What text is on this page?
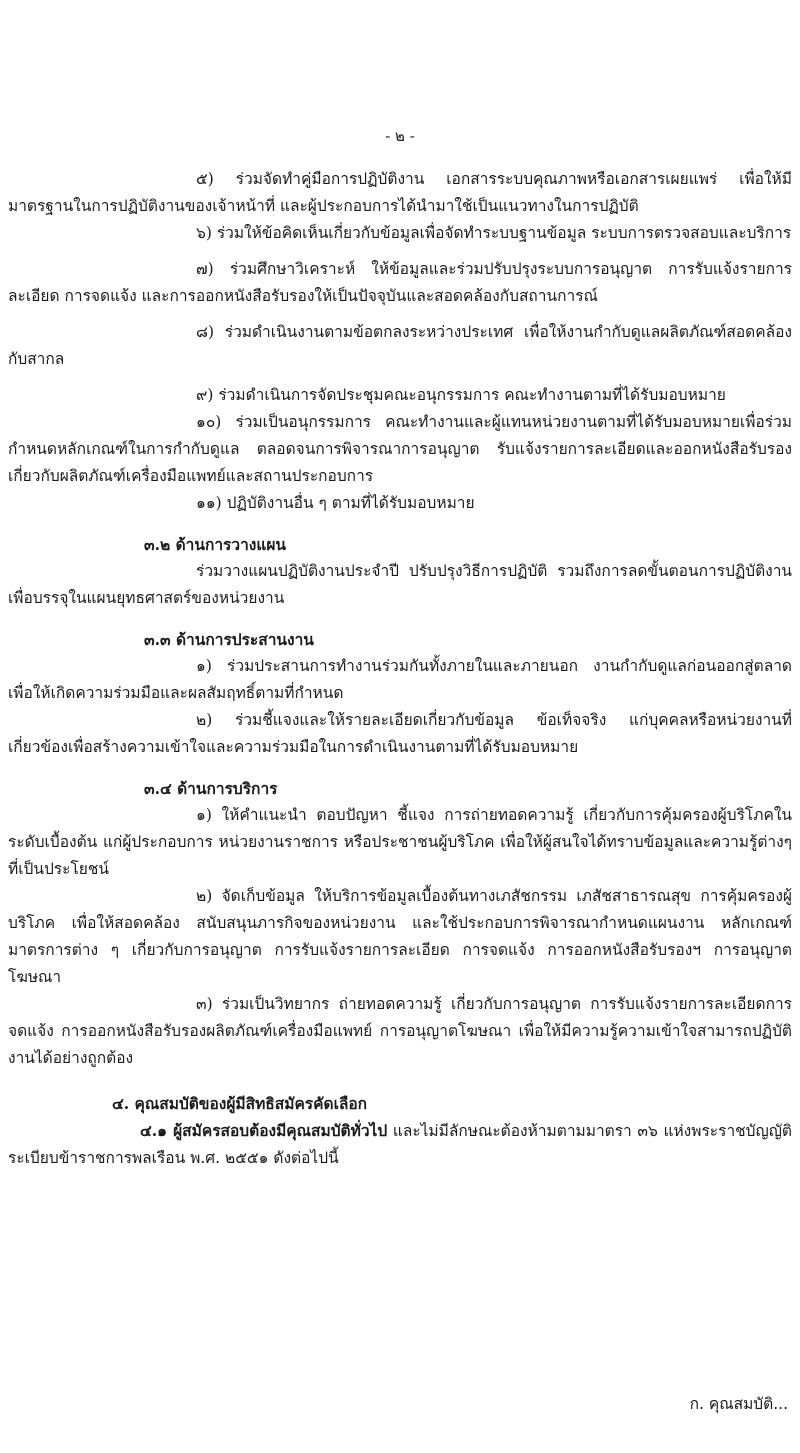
- ๒ -

๕) ร่วมจัดทำคู่มือการปฏิบัติงาน เอกสารระบบคุณภาพหรือเอกสารเผยแพร่ เพื่อให้มีมาตรฐานในการปฏิบัติงานของเจ้าหน้าที่ และผู้ประกอบการได้นำมาใช้เป็นแนวทางในการปฏิบัติ

๖) ร่วมให้ข้อคิดเห็นเกี่ยวกับข้อมูลเพื่อจัดทำระบบฐานข้อมูล ระบบการตรวจสอบและบริการ

๗) ร่วมศึกษาวิเคราะห์ ให้ข้อมูลและร่วมปรับปรุงระบบการอนุญาต การรับแจ้งรายการละเอียด การจดแจ้ง และการออกหนังสือรับรองให้เป็นปัจจุบันและสอดคล้องกับสถานการณ์

๘) ร่วมดำเนินงานตามข้อตกลงระหว่างประเทศ เพื่อให้งานกำกับดูแลผลิตภัณฑ์สอดคล้องกับสากล

๙) ร่วมดำเนินการจัดประชุมคณะอนุกรรมการ คณะทำงานตามที่ได้รับมอบหมาย

๑๐) ร่วมเป็นอนุกรรมการ คณะทำงานและผู้แทนหน่วยงานตามที่ได้รับมอบหมายเพื่อร่วมกำหนดหลักเกณฑ์ในการกำกับดูแล ตลอดจนการพิจารณาการอนุญาต รับแจ้งรายการละเอียดและออกหนังสือรับรองเกี่ยวกับผลิตภัณฑ์เครื่องมือแพทย์และสถานประกอบการ

๑๑) ปฏิบัติงานอื่น ๆ ตามที่ได้รับมอบหมาย

๓.๒ ด้านการวางแผน

ร่วมวางแผนปฏิบัติงานประจำปี ปรับปรุงวิธีการปฏิบัติ รวมถึงการลดขั้นตอนการปฏิบัติงาน เพื่อบรรจุในแผนยุทธศาสตร์ของหน่วยงาน

๓.๓ ด้านการประสานงาน

๑) ร่วมประสานการทำงานร่วมกันทั้งภายในและภายนอก งานกำกับดูแลก่อนออกสู่ตลาดเพื่อให้เกิดความร่วมมือและผลสัมฤทธิ์ตามที่กำหนด

๒) ร่วมชี้แจงและให้รายละเอียดเกี่ยวกับข้อมูล ข้อเท็จจริง แก่บุคคลหรือหน่วยงานที่เกี่ยวข้องเพื่อสร้างความเข้าใจและความร่วมมือในการดำเนินงานตามที่ได้รับมอบหมาย

๓.๔ ด้านการบริการ

๑) ให้คำแนะนำ ตอบปัญหา ชี้แจง การถ่ายทอดความรู้ เกี่ยวกับการคุ้มครองผู้บริโภคในระดับเบื้องต้น แก่ผู้ประกอบการ หน่วยงานราชการ หรือประชาชนผู้บริโภค เพื่อให้ผู้สนใจได้ทราบข้อมูลและความรู้ต่างๆ ที่เป็นประโยชน์

๒) จัดเก็บข้อมูล ให้บริการข้อมูลเบื้องต้นทางเภสัชกรรม เภสัชสาธารณสุข การคุ้มครองผู้บริโภค เพื่อให้สอดคล้อง สนับสนุนภารกิจของหน่วยงาน และใช้ประกอบการพิจารณากำหนดแผนงาน หลักเกณฑ์มาตรการต่าง ๆ เกี่ยวกับการอนุญาต การรับแจ้งรายการละเอียด การจดแจ้ง การออกหนังสือรับรองฯ การอนุญาตโฆษณา

๓) ร่วมเป็นวิทยากร ถ่ายทอดความรู้ เกี่ยวกับการอนุญาต การรับแจ้งรายการละเอียดการจดแจ้ง การออกหนังสือรับรองผลิตภัณฑ์เครื่องมือแพทย์ การอนุญาตโฆษณา เพื่อให้มีความรู้ความเข้าใจสามารถปฏิบัติงานได้อย่างถูกต้อง

๔. คุณสมบัติของผู้มีสิทธิสมัครคัดเลือก

๔.๑ ผู้สมัครสอบต้องมีคุณสมบัติทั่วไป และไม่มีลักษณะต้องห้ามตามมาตรา ๓๖ แห่งพระราชบัญญัติระเบียบข้าราชการพลเรือน พ.ศ. ๒๕๕๑ ดังต่อไปนี้

ก. คุณสมบัติ...
